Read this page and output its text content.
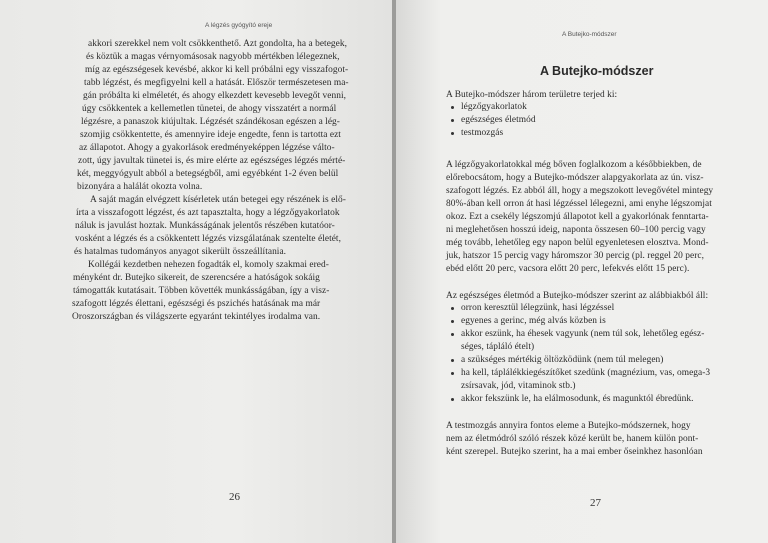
A légzés gyógyító ereje
akkori szerekkel nem volt csökkenthető. Azt gondolta, ha a betegek,
és köztük a magas vérnyomásosak nagyobb mértékben lélegeznek,
míg az egészségesek kevésbé, akkor ki kell próbálni egy visszafogot-
tabb légzést, és megfigyelni kell a hatását. Először természetesen ma-
gán próbálta ki elméletét, és ahogy elkezdett kevesebb levegőt venni,
úgy csökkentek a kellemetlen tünetei, de ahogy visszatért a normál
légzésre, a panaszok kiújultak. Légzését szándékosan egészen a lég-
szomjig csökkentette, és amennyire ideje engedte, fenn is tartotta ezt
az állapotot. Ahogy a gyakorlások eredményeképpen légzése válto-
zott, úgy javultak tünetei is, és mire elérte az egészséges légzés mérté-
két, meggyógyult abból a betegségből, ami egyébként 1-2 éven belül
bizonyára a halálát okozta volna.
A saját magán elvégzett kísérletek után betegei egy részének is elő-
írta a visszafogott légzést, és azt tapasztalta, hogy a légzőgyakorlatok
náluk is javulást hoztak. Munkásságának jelentős részében kutatóor-
vosként a légzés és a csökkentett légzés vizsgálatának szentelte életét,
és hatalmas tudományos anyagot sikerült összeállítania.
Kollégái kezdetben nehezen fogadták el, komoly szakmai ered-
ményként dr. Butejko sikereit, de szerencsére a hatóságok sokáig
támogatták kutatásait. Többen követték munkásságában, így a visz-
szafogott légzés élettani, egészségi és pszichés hatásának ma már
Oroszországban és világszerte egyaránt tekintélyes irodalma van.
26
A Butejko-módszer
A Butejko-módszer
A Butejko-módszer három területre terjed ki:
légzőgyakorlatok
egészséges életmód
testmozgás
A légzőgyakorlatokkal még bőven foglalkozom a későbbiekben, de
előrebocsátom, hogy a Butejko-módszer alapgyakorlata az ún. visz-
szafogott légzés. Ez abból áll, hogy a megszokott levegővétel mintegy
80%-ában kell orron át hasi légzéssel lélegezni, ami enyhe légszomjat
okoz. Ezt a csekély légszomjú állapotot kell a gyakorlónak fenntarta-
ni meglehetősen hosszú ideig, naponta összesen 60–100 percig vagy
még tovább, lehetőleg egy napon belül egyenletesen elosztva. Mond-
juk, hatszor 15 percig vagy háromszor 30 percig (pl. reggel 20 perc,
ebéd előtt 20 perc, vacsora előtt 20 perc, lefekvés előtt 15 perc).
Az egészséges életmód a Butejko-módszer szerint az alábbiakból áll:
orron keresztül lélegzünk, hasi légzéssel
egyenes a gerinc, még alvás közben is
akkor eszünk, ha éhesek vagyunk (nem túl sok, lehetőleg egész-
séges, tápláló ételt)
a szükséges mértékig öltözködünk (nem túl melegen)
ha kell, táplálékkiegészítőket szedünk (magnézium, vas, omega-3
zsírsavak, jód, vitaminok stb.)
akkor fekszünk le, ha elálmosodunk, és magunktól ébredünk.
A testmozgás annyira fontos eleme a Butejko-módszernek, hogy
nem az életmódról szóló részek közé került be, hanem külön pont-
ként szerepel. Butejko szerint, ha a mai ember őseinkhez hasonlóan
27
